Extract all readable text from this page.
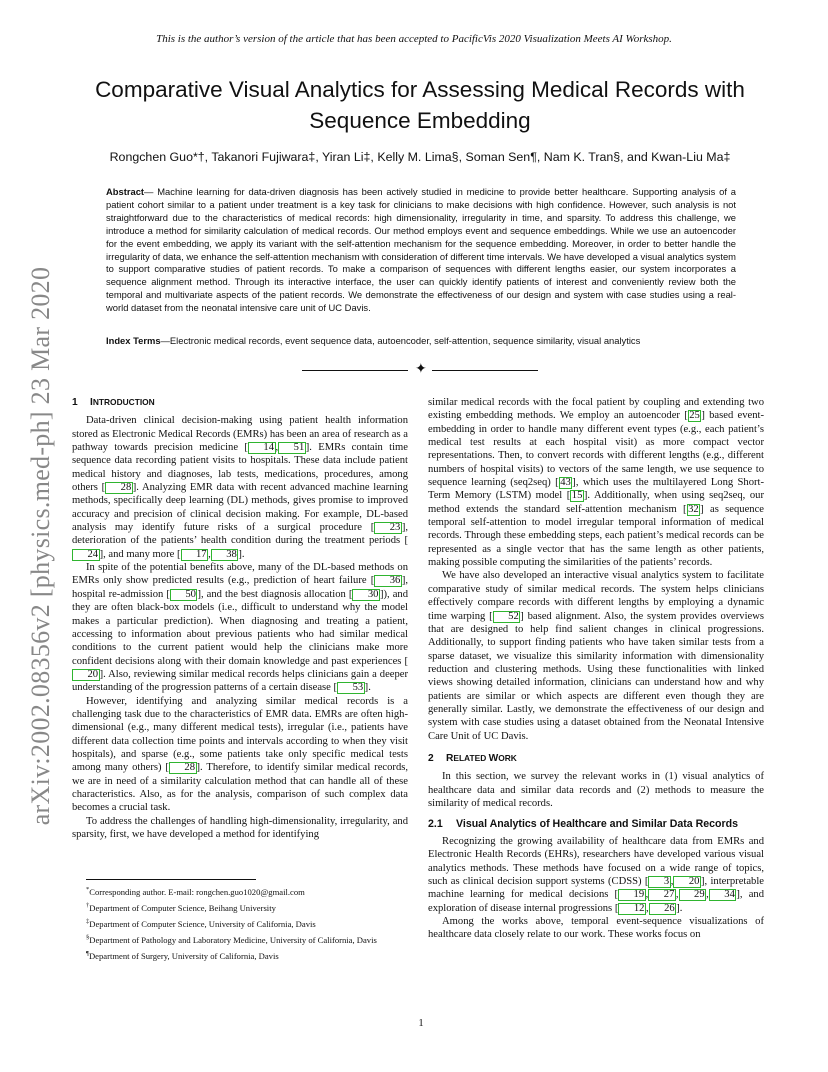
This is the author’s version of the article that has been accepted to PacificVis 2020 Visualization Meets AI Workshop.
arXiv:2002.08356v2 [physics.med-ph] 23 Mar 2020
Comparative Visual Analytics for Assessing Medical Records with
Sequence Embedding
Rongchen Guo*†, Takanori Fujiwara‡, Yiran Li‡, Kelly M. Lima§, Soman Sen¶, Nam K. Tran§, and Kwan-Liu Ma‡
Abstract— Machine learning for data-driven diagnosis has been actively studied in medicine to provide better healthcare. Supporting analysis of a patient cohort similar to a patient under treatment is a key task for clinicians to make decisions with high confidence. However, such analysis is not straightforward due to the characteristics of medical records: high dimensionality, irregularity in time, and sparsity. To address this challenge, we introduce a method for similarity calculation of medical records. Our method employs event and sequence embeddings. While we use an autoencoder for the event embedding, we apply its variant with the self-attention mechanism for the sequence embedding. Moreover, in order to better handle the irregularity of data, we enhance the self-attention mechanism with consideration of different time intervals. We have developed a visual analytics system to support comparative studies of patient records. To make a comparison of sequences with different lengths easier, our system incorporates a sequence alignment method. Through its interactive interface, the user can quickly identify patients of interest and conveniently review both the temporal and multivariate aspects of the patient records. We demonstrate the effectiveness of our design and system with case studies using a real-world dataset from the neonatal intensive care unit of UC Davis.
Index Terms—Electronic medical records, event sequence data, autoencoder, self-attention, sequence similarity, visual analytics
✦
1 INTRODUCTION

Data-driven clinical decision-making using patient health information stored as Electronic Medical Records (EMRs) has been an area of research as a pathway towards precision medicine [ 14 , 51 ]. EMRs contain time sequence data recording patient visits to hospitals. These data include patient medical history and diagnoses, lab tests, medications, procedures, among others [ 28 ]. Analyzing EMR data with recent advanced machine learning methods, specifically deep learning (DL) methods, gives promise to improved accuracy and precision of clinical decision making. For example, DL-based analysis may identify future risks of a surgical procedure [ 23 ], deterioration of the patients’ health condition during the treatment periods [24 ], and many more [ 17 , 38 ].

In spite of the potential benefits above, many of the DL-based methods on EMRs only show predicted results (e.g., prediction of heart failure [ 36 ], hospital re-admission [ 50 ], and the best diagnosis allocation [ 30 ]), and they are often black-box models (i.e., difficult to understand why the model makes a particular prediction). When diagnosing and treating a patient, accessing to information about previous patients who had similar medical conditions to the current patient would help the clinicians make more confident decisions along with their domain knowledge and past experiences [20 ]. Also, reviewing similar medical records helps clinicians gain a deeper understanding of the progression patterns of a certain disease [ 53 ].

However, identifying and analyzing similar medical records is a challenging task due to the characteristics of EMR data. EMRs are often high-dimensional (e.g., many different medical tests), irregular (i.e., patients have different data collection time points and intervals according to when they visit hospitals), and sparse (e.g., some patients take only specific medical tests among many others) [ 28 ]. Therefore, to identify similar medical records, we are in need of a similarity calculation method that can handle all of these characteristics. Also, as for the analysis, comparison of such complex data becomes a crucial task.

To address the challenges of handling high-dimensionality, irregularity, and sparsity, first, we have developed a method for identifying

similar medical records with the focal patient by coupling and extending two existing embedding methods. We employ an autoencoder [ 25 ] based event-embedding in order to handle many different event types (e.g., each patient’s medical test results at each hospital visit) as more compact vector representations. Then, to convert records with different lengths (e.g., different numbers of hospital visits) to vectors of the same length, we use sequence to sequence learning (seq2seq) [ 43 ], which uses the multilayered Long Short-Term Memory (LSTM) model [ 15 ]. Additionally, when using seq2seq, our method extends the standard self-attention mechanism [ 32 ] as sequence temporal self-attention to model irregular temporal information of medical records. Through these embedding steps, each patient’s medical records can be represented as a single vector that has the same length as other patients, making possible computing the similarities of the patients’ records.

We have also developed an interactive visual analytics system to facilitate comparative study of similar medical records. The system helps clinicians effectively compare records with different lengths by employing a dynamic time warping [ 52 ] based alignment. Also, the system provides overviews that are designed to help find salient changes in clinical progressions. Additionally, to support finding patients who have taken similar tests from a sparse dataset, we visualize this similarity information with dimensionality reduction and clustering methods. Using these functionalities with linked views showing detailed information, clinicians can understand how and why patients are similar or which aspects are different even though they are generally similar. Lastly, we demonstrate the effectiveness of our design and system with case studies using a dataset obtained from the Neonatal Intensive Care Unit of UC Davis.

2 RELATED WORK

In this section, we survey the relevant works in (1) visual analytics of healthcare data and similar data records and (2) methods to measure the similarity of medical records.

2.1	Visual Analytics of Healthcare and Similar Data Records

Recognizing the growing availability of healthcare data from EMRs and Electronic Health Records (EHRs), researchers have developed various visual analytics methods. These methods have focused on a wide range of topics, such as clinical decision support systems (CDSS) [ 3 , 20 ], interpretable machine learning for medical decisions [ 19 , 27 , 29 , 34 ], and exploration of disease internal progressions [ 12 , 26 ].

Among the works above, temporal event-sequence visualizations of healthcare data closely relate to our work. These works focus on

*Corresponding author. E-mail: rongchen.guo1020@gmail.com
†Department of Computer Science, Beihang University
‡Department of Computer Science, University of California, Davis
§Department of Pathology and Laboratory Medicine, University of California, Davis
¶Department of Surgery, University of California, Davis
1
